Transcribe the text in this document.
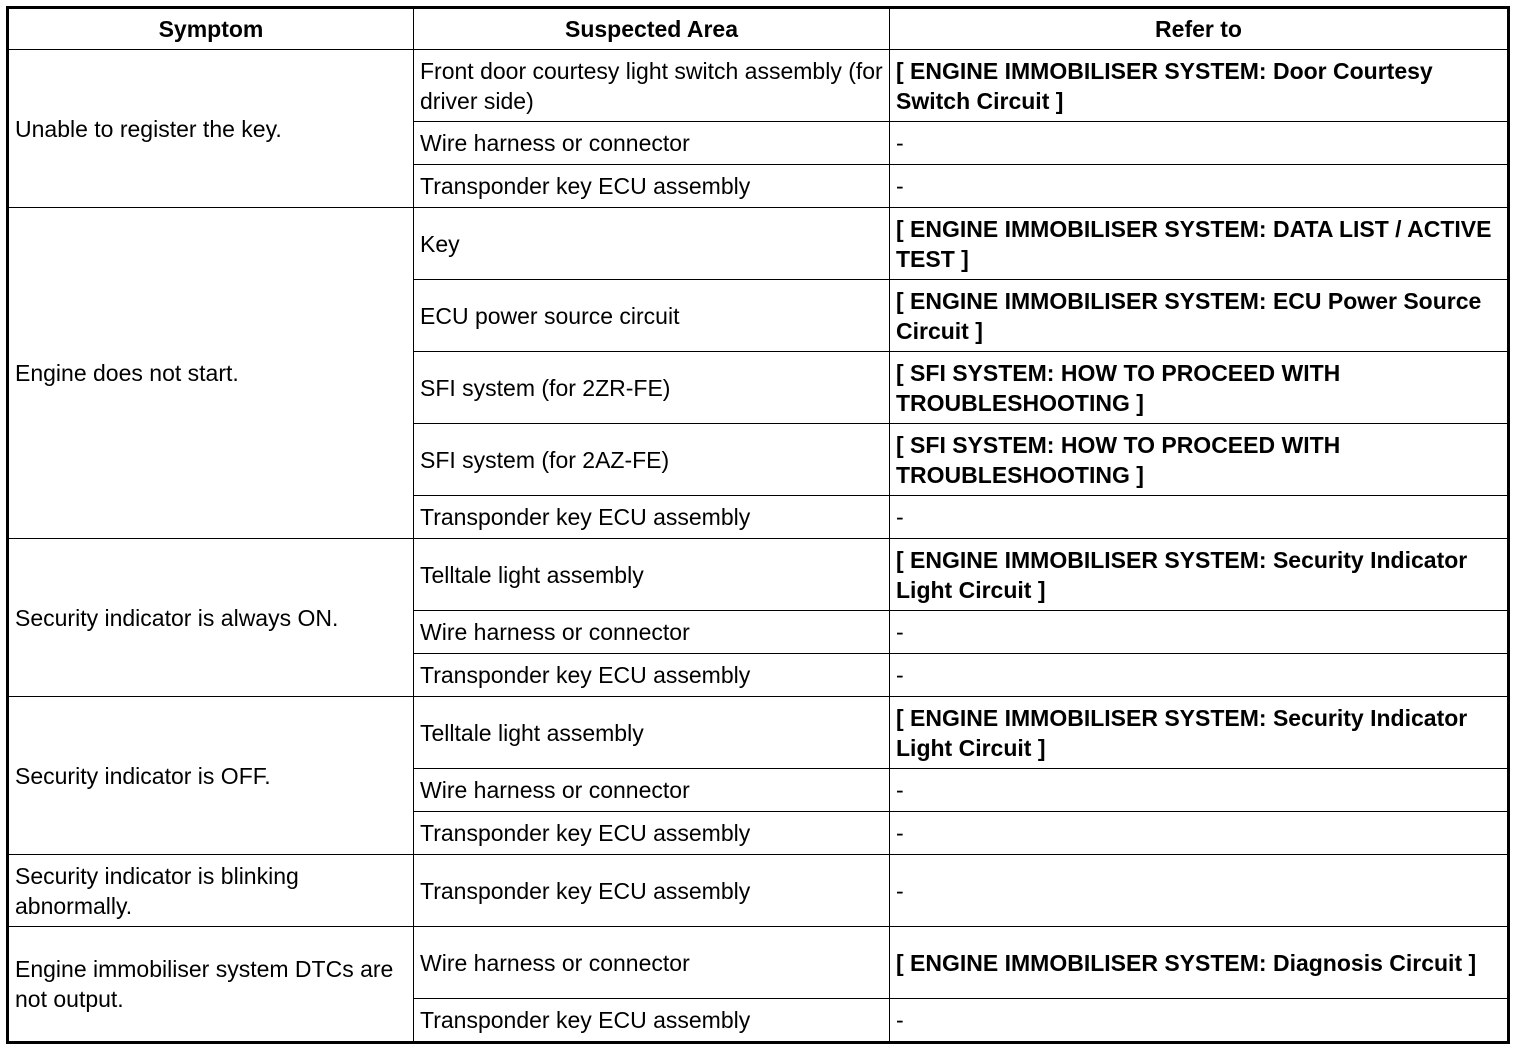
Symptom	Suspected Area	Refer to
Unable to register the key.	Front door courtesy light switch assembly (for driver side)	[ ENGINE IMMOBILISER SYSTEM: Door Courtesy Switch Circuit ]
	Wire harness or connector	-
	Transponder key ECU assembly	-
Engine does not start.	Key	[ ENGINE IMMOBILISER SYSTEM: DATA LIST / ACTIVE TEST ]
	ECU power source circuit	[ ENGINE IMMOBILISER SYSTEM: ECU Power Source Circuit ]
	SFI system (for 2ZR-FE)	[ SFI SYSTEM: HOW TO PROCEED WITH TROUBLESHOOTING ]
	SFI system (for 2AZ-FE)	[ SFI SYSTEM: HOW TO PROCEED WITH TROUBLESHOOTING ]
	Transponder key ECU assembly	-
Security indicator is always ON.	Telltale light assembly	[ ENGINE IMMOBILISER SYSTEM: Security Indicator Light Circuit ]
	Wire harness or connector	-
	Transponder key ECU assembly	-
Security indicator is OFF.	Telltale light assembly	[ ENGINE IMMOBILISER SYSTEM: Security Indicator Light Circuit ]
	Wire harness or connector	-
	Transponder key ECU assembly	-
Security indicator is blinking abnormally.	Transponder key ECU assembly	-
Engine immobiliser system DTCs are not output.	Wire harness or connector	[ ENGINE IMMOBILISER SYSTEM: Diagnosis Circuit ]
	Transponder key ECU assembly	-
